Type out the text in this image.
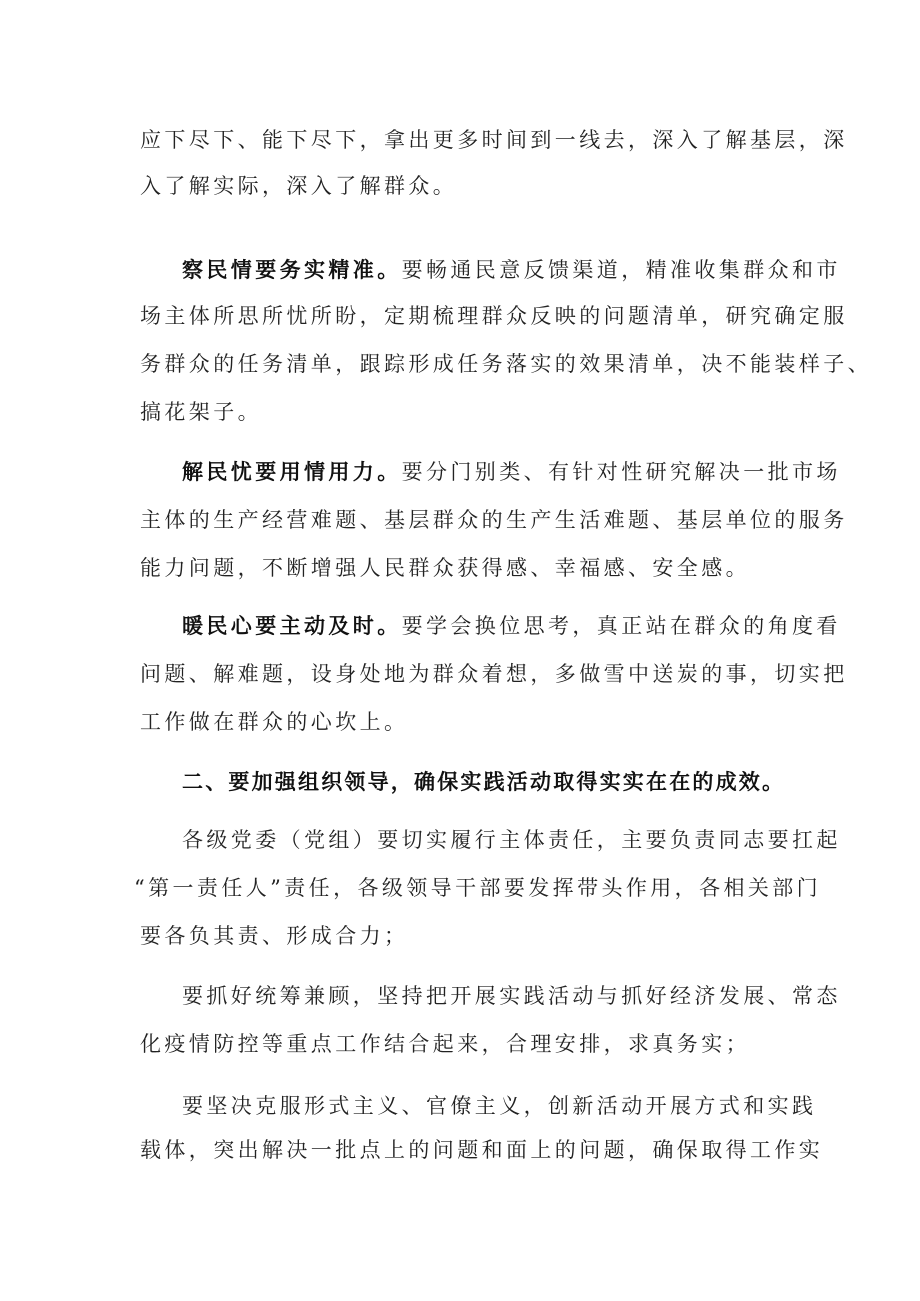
应下尽下、能下尽下，拿出更多时间到一线去，深入了解基层，深
入了解实际，深入了解群众。
察民情要务实精准。要畅通民意反馈渠道，精准收集群众和市
场主体所思所忧所盼，定期梳理群众反映的问题清单，研究确定服
务群众的任务清单，跟踪形成任务落实的效果清单，决不能装样子、
搞花架子。
解民忧要用情用力。要分门别类、有针对性研究解决一批市场
主体的生产经营难题、基层群众的生产生活难题、基层单位的服务
能力问题，不断增强人民群众获得感、幸福感、安全感。
暖民心要主动及时。要学会换位思考，真正站在群众的角度看
问题、解难题，设身处地为群众着想，多做雪中送炭的事，切实把
工作做在群众的心坎上。
二、要加强组织领导，确保实践活动取得实实在在的成效。
各级党委（党组）要切实履行主体责任，主要负责同志要扛起
“第一责任人”责任，各级领导干部要发挥带头作用，各相关部门
要各负其责、形成合力；
要抓好统筹兼顾，坚持把开展实践活动与抓好经济发展、常态
化疫情防控等重点工作结合起来，合理安排，求真务实；
要坚决克服形式主义、官僚主义，创新活动开展方式和实践
载体，突出解决一批点上的问题和面上的问题，确保取得工作实
